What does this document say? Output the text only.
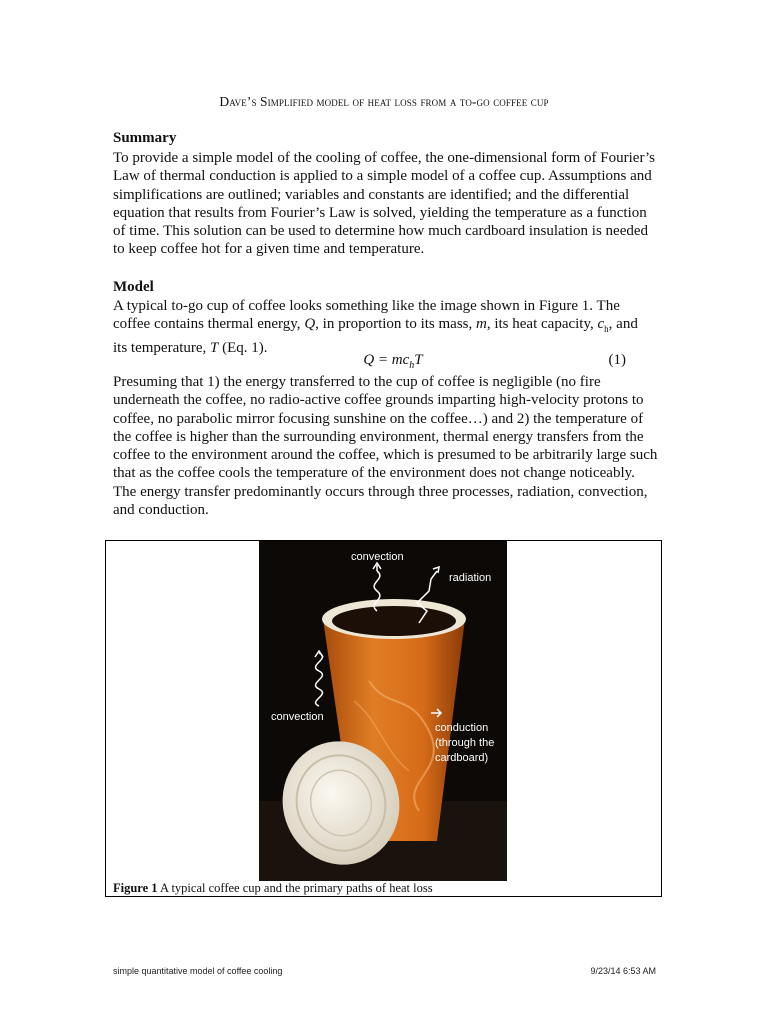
Dave’s Simplified model of heat loss from a to-go coffee cup
Summary
To provide a simple model of the cooling of coffee, the one-dimensional form of Fourier’s Law of thermal conduction is applied to a simple model of a coffee cup. Assumptions and simplifications are outlined; variables and constants are identified; and the differential equation that results from Fourier’s Law is solved, yielding the temperature as a function of time. This solution can be used to determine how much cardboard insulation is needed to keep coffee hot for a given time and temperature.
Model
A typical to-go cup of coffee looks something like the image shown in Figure 1. The
coffee contains thermal energy, Q, in proportion to its mass, m, its heat capacity, $c_h$, and
its temperature, T (Eq. 1).
$Q = mc_hT$	(1)
Presuming that 1) the energy transferred to the cup of coffee is negligible (no fire underneath the coffee, no radio-active coffee grounds imparting high-velocity protons to coffee, no parabolic mirror focusing sunshine on the coffee…) and 2) the temperature of the coffee is higher than the surrounding environment, thermal energy transfers from the coffee to the environment around the coffee, which is presumed to be arbitrarily large such that as the coffee cools the temperature of the environment does not change noticeably. The energy transfer predominantly occurs through three processes, radiation, convection, and conduction.
convection
radiation
convection
conduction
(through the
cardboard)
Figure 1 A typical coffee cup and the primary paths of heat loss
simple quantitative model of coffee cooling	9/23/14 6:53 AM
